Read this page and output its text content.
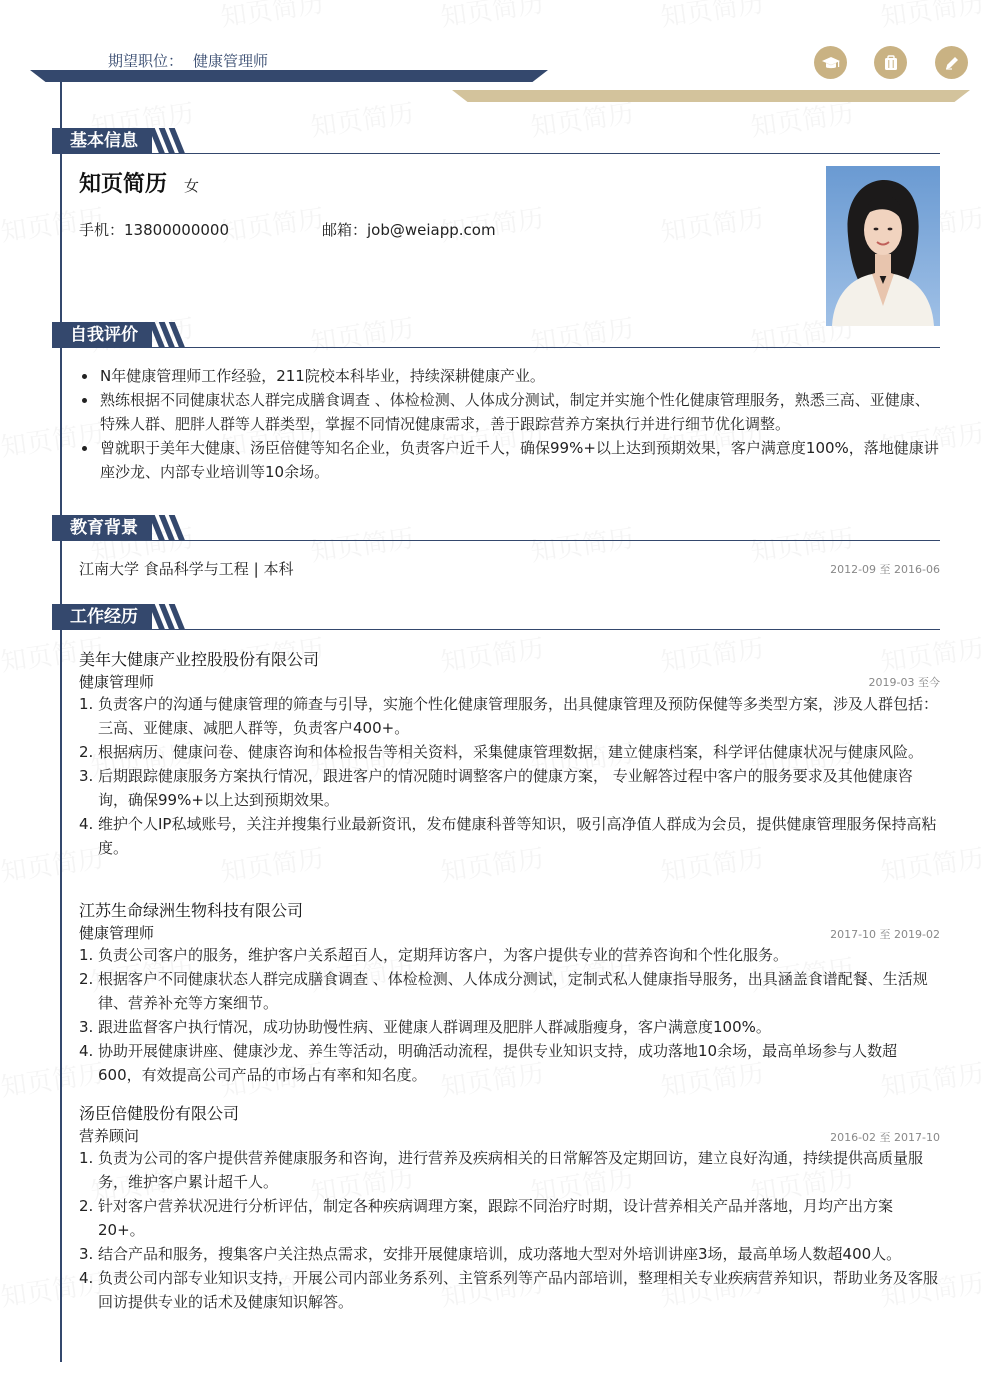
期望职位： 健康管理师
基本信息
知页简历 女
手机：13800000000	邮箱：job@weiapp.com
自我评价
N年健康管理师工作经验，211院校本科毕业，持续深耕健康产业。
熟练根据不同健康状态人群完成膳食调查 、体检检测、人体成分测试，制定并实施个性化健康管理服务，熟悉三高、亚健康、特殊人群、肥胖人群等人群类型，掌握不同情况健康需求，善于跟踪营养方案执行并进行细节优化调整。
曾就职于美年大健康、汤臣倍健等知名企业，负责客户近千人，确保99%+以上达到预期效果，客户满意度100%，落地健康讲座沙龙、内部专业培训等10余场。
教育背景
江南大学 食品科学与工程 | 本科	2012-09 至 2016-06
工作经历
美年大健康产业控股股份有限公司
健康管理师	2019-03 至今
1. 负责客户的沟通与健康管理的筛查与引导，实施个性化健康管理服务，出具健康管理及预防保健等多类型方案，涉及人群包括：三高、亚健康、减肥人群等，负责客户400+。
2. 根据病历、健康问卷、健康咨询和体检报告等相关资料，采集健康管理数据，建立健康档案，科学评估健康状况与健康风险。
3. 后期跟踪健康服务方案执行情况，跟进客户的情况随时调整客户的健康方案， 专业解答过程中客户的服务要求及其他健康咨询，确保99%+以上达到预期效果。
4. 维护个人IP私域账号，关注并搜集行业最新资讯，发布健康科普等知识，吸引高净值人群成为会员，提供健康管理服务保持高粘度。
江苏生命绿洲生物科技有限公司
健康管理师	2017-10 至 2019-02
1. 负责公司客户的服务，维护客户关系超百人，定期拜访客户，为客户提供专业的营养咨询和个性化服务。
2. 根据客户不同健康状态人群完成膳食调查 、体检检测、人体成分测试，定制式私人健康指导服务，出具涵盖食谱配餐、生活规律、营养补充等方案细节。
3. 跟进监督客户执行情况，成功协助慢性病、亚健康人群调理及肥胖人群减脂瘦身，客户满意度100%。
4. 协助开展健康讲座、健康沙龙、养生等活动，明确活动流程，提供专业知识支持，成功落地10余场，最高单场参与人数超600，有效提高公司产品的市场占有率和知名度。
汤臣倍健股份有限公司
营养顾问	2016-02 至 2017-10
1. 负责为公司的客户提供营养健康服务和咨询，进行营养及疾病相关的日常解答及定期回访，建立良好沟通，持续提供高质量服务，维护客户累计超千人。
2. 针对客户营养状况进行分析评估，制定各种疾病调理方案，跟踪不同治疗时期，设计营养相关产品并落地，月均产出方案20+。
3. 结合产品和服务，搜集客户关注热点需求，安排开展健康培训，成功落地大型对外培训讲座3场，最高单场人数超400人。
4. 负责公司内部专业知识支持，开展公司内部业务系列、主管系列等产品内部培训，整理相关专业疾病营养知识，帮助业务及客服回访提供专业的话术及健康知识解答。
